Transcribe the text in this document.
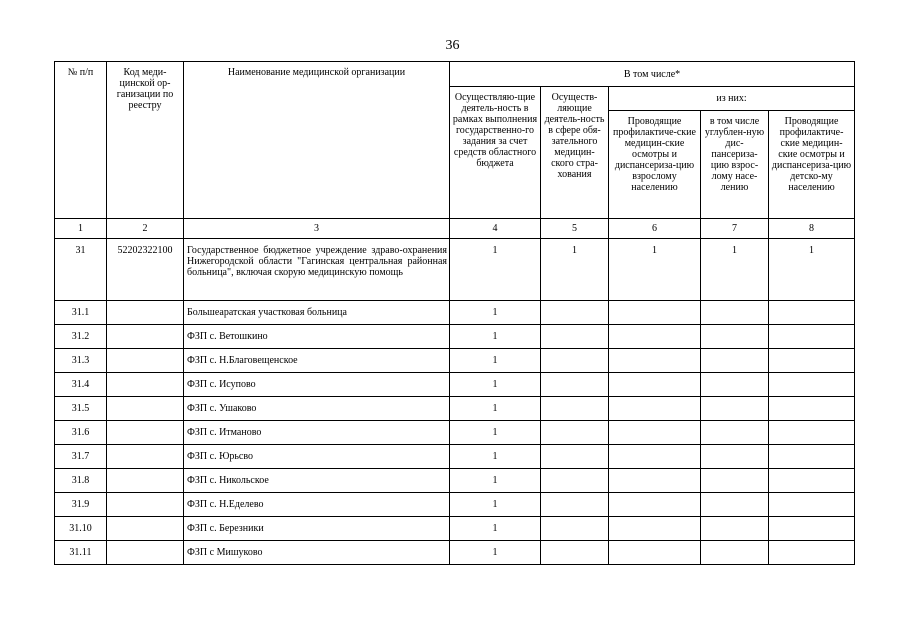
36
№ п/п	Код меди-цинской ор-ганизации по реестру	Наименование медицинской организации	В том числе*				
			Осуществляю-щие деятель-ность в рамках выполнения государственно-го задания за счет средств областного бюджета	Осуществ-ляющие деятель-ность в сфере обя-зательного медицин-ского стра-хования	из них:		
					Проводящие профилактиче-ские медицин-ские осмотры и диспансериза-цию взрослому населению	в том числе углублен-ную дис-пансериза-цию взрос-лому насе-лению	Проводящие профилактиче-ские медицин-ские осмотры и диспансериза-цию детско-му населению
1	2	3	4	5	6	7	8
31	52202322100	Государственное бюджетное учреждение здраво-охранения Нижегородской области "Гагинская центральная районная больница", включая скорую медицинскую помощь	1	1	1	1	1
31.1		Большеаратская участковая больница	1				
31.2		ФЗП с. Ветошкино	1				
31.3		ФЗП с. Н.Благовещенское	1				
31.4		ФЗП с. Исупово	1				
31.5		ФЗП с. Ушаково	1				
31.6		ФЗП с. Итманово	1				
31.7		ФЗП с. Юрьсво	1				
31.8		ФЗП с. Никольское	1				
31.9		ФЗП с. Н.Еделево	1				
31.10		ФЗП с. Березники	1				
31.11		ФЗП с Мишуково	1				
